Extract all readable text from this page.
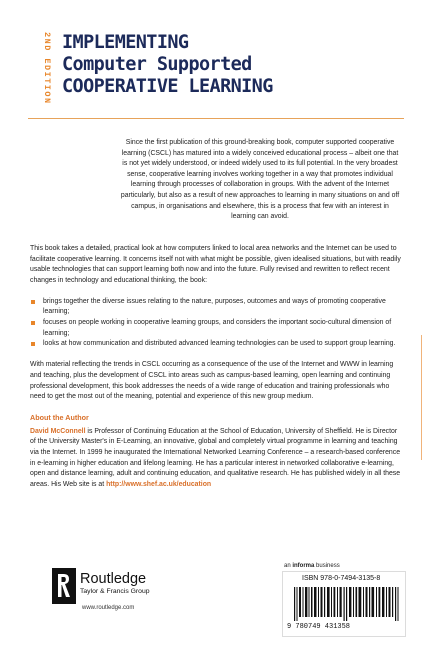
2ND EDITION IMPLEMENTING
Computer Supported
COOPERATIVE LEARNING
Since the first publication of this ground-breaking book, computer supported cooperative learning (CSCL) has matured into a widely conceived educational process – albeit one that is not yet widely understood, or indeed widely used to its full potential. In the very broadest sense, cooperative learning involves working together in a way that promotes individual learning through processes of collaboration in groups. With the advent of the Internet particularly, but also as a result of new approaches to learning in many situations on and off campus, in organisations and elsewhere, this is a process that few with an interest in learning can avoid.

This book takes a detailed, practical look at how computers linked to local area networks and the Internet can be used to facilitate cooperative learning. It concerns itself not with what might be possible, given idealised situations, but with readily usable technologies that can support learning both now and into the future. Fully revised and rewritten to reflect recent changes in technology and educational thinking, the book:

brings together the diverse issues relating to the nature, purposes, outcomes and ways of promoting cooperative learning;
focuses on people working in cooperative learning groups, and considers the important socio-cultural dimension of learning;
looks at how communication and distributed advanced learning technologies can be used to support group learning.

With material reflecting the trends in CSCL occurring as a consequence of the use of the Internet and WWW in learning and teaching, plus the development of CSCL into areas such as campus-based learning, open learning and continuing professional development, this book addresses the needs of a wide range of education and training professionals who need to get the most out of the meaning, potential and experience of this new group medium.

About the Author
David McConnell is Professor of Continuing Education at the School of Education, University of Sheffield. He is Director of the University Master's in E-Learning, an innovative, global and completely virtual programme in learning and teaching via the Internet. In 1999 he inaugurated the International Networked Learning Conference – a research-based conference in e-learning in higher education and lifelong learning. He has a particular interest in networked collaborative e-learning, open and distance learning, adult and continuing education, and qualitative research. He has published widely in all these areas. His Web site is at http://www.shef.ac.uk/education
an informa business
Routledge
Taylor & Francis Group
www.routledge.com
ISBN 978-0-7494-3135-8
9 780749 431358
